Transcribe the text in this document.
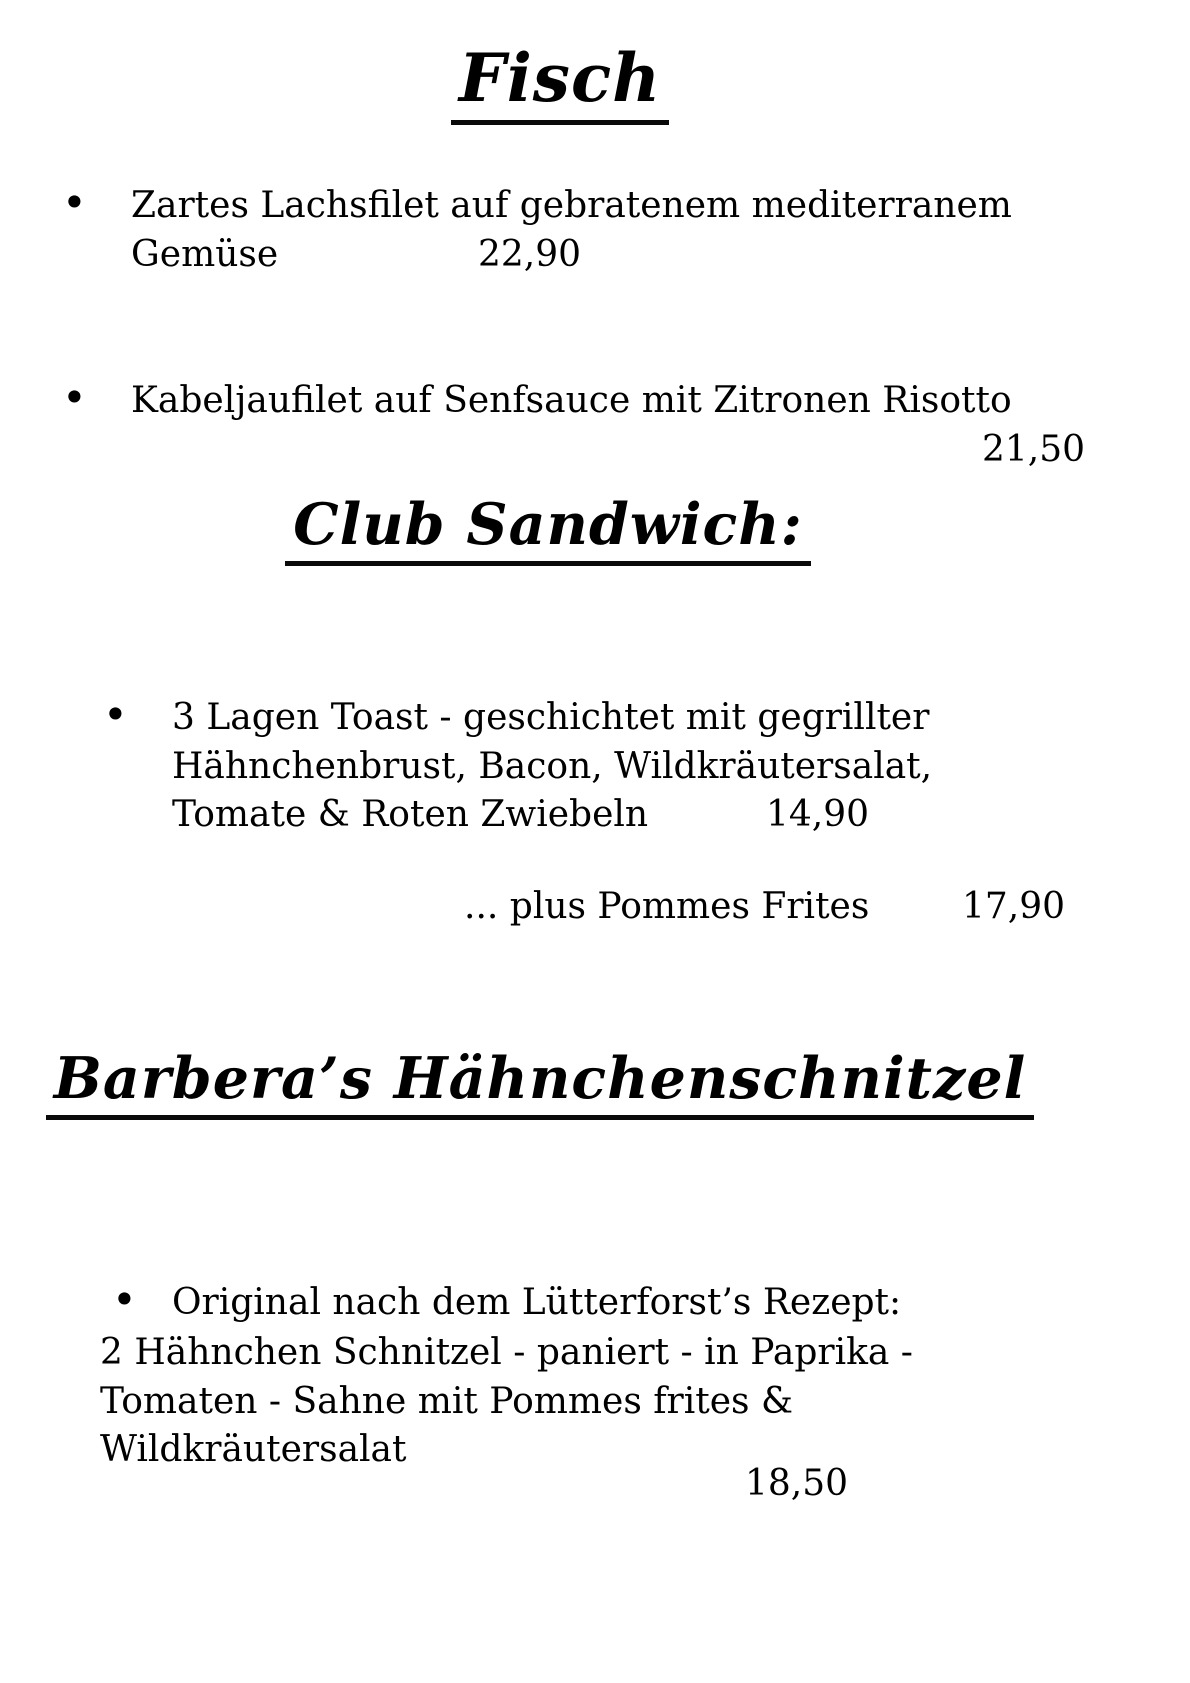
Fisch
• Zartes Lachsfilet auf gebratenem mediterranem
Gemüse	22,90
• Kabeljaufilet auf Senfsauce mit Zitronen Risotto
21,50
Club Sandwich:
• 3 Lagen Toast - geschichtet mit gegrillter
Hähnchenbrust, Bacon, Wildkräutersalat,
Tomate & Roten Zwiebeln	14,90
... plus Pommes Frites	17,90
Barbera’s Hähnchenschnitzel
• Original nach dem Lütterforst’s Rezept:
2 Hähnchen Schnitzel - paniert - in Paprika -
Tomaten - Sahne mit Pommes frites &
Wildkräutersalat
18,50
